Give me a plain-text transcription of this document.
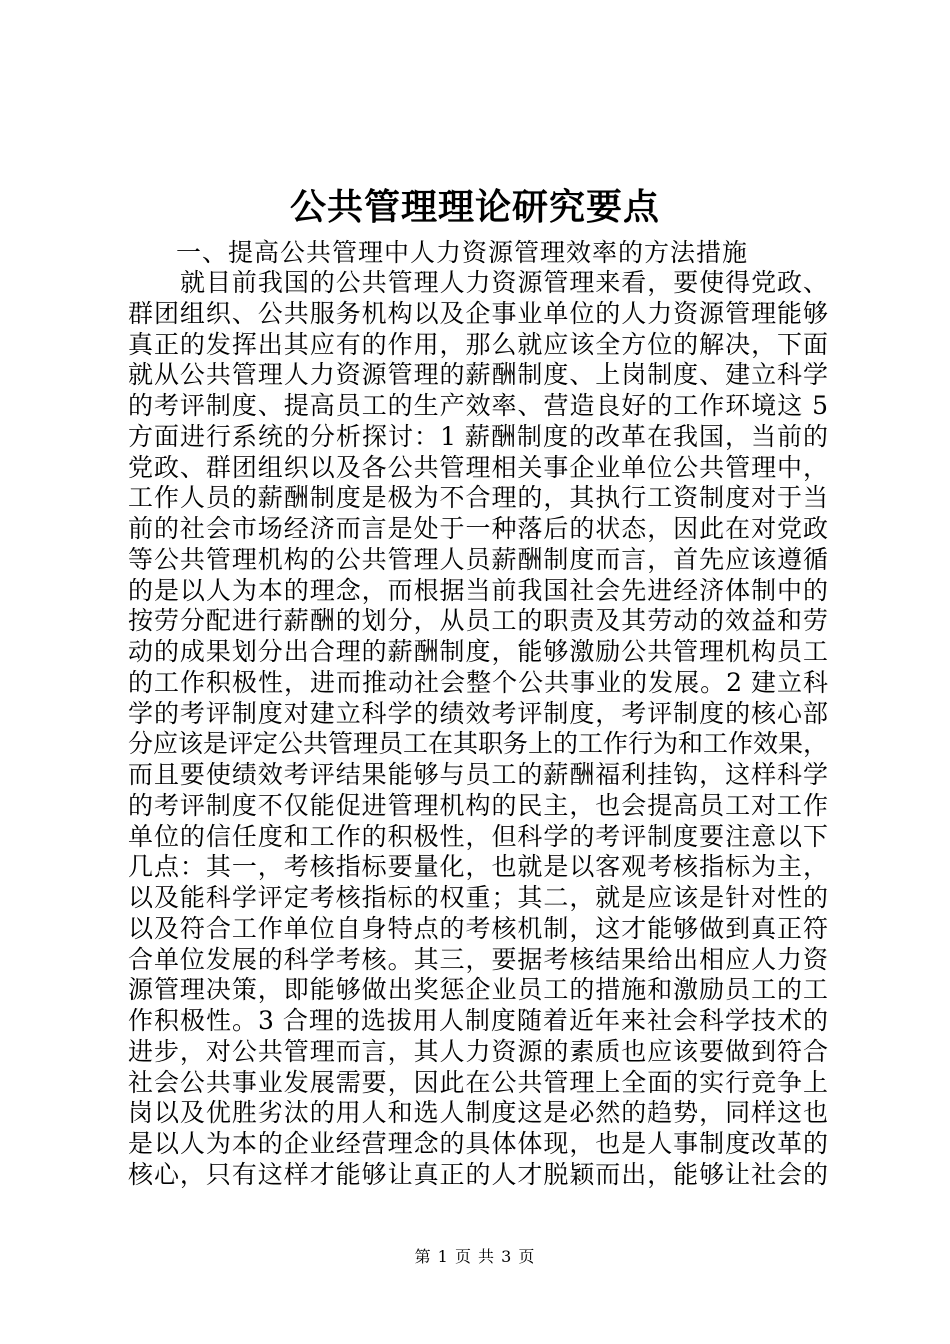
公共管理理论研究要点
一、提高公共管理中人力资源管理效率的方法措施
就目前我国的公共管理人力资源管理来看，要使得党政、
群团组织、公共服务机构以及企事业单位的人力资源管理能够
真正的发挥出其应有的作用，那么就应该全方位的解决，下面
就从公共管理人力资源管理的薪酬制度、上岗制度、建立科学
的考评制度、提高员工的生产效率、营造良好的工作环境这 5
方面进行系统的分析探讨：1 薪酬制度的改革在我国，当前的
党政、群团组织以及各公共管理相关事企业单位公共管理中，
工作人员的薪酬制度是极为不合理的，其执行工资制度对于当
前的社会市场经济而言是处于一种落后的状态，因此在对党政
等公共管理机构的公共管理人员薪酬制度而言，首先应该遵循
的是以人为本的理念，而根据当前我国社会先进经济体制中的
按劳分配进行薪酬的划分，从员工的职责及其劳动的效益和劳
动的成果划分出合理的薪酬制度，能够激励公共管理机构员工
的工作积极性，进而推动社会整个公共事业的发展。2 建立科
学的考评制度对建立科学的绩效考评制度，考评制度的核心部
分应该是评定公共管理员工在其职务上的工作行为和工作效果，
而且要使绩效考评结果能够与员工的薪酬福利挂钩，这样科学
的考评制度不仅能促进管理机构的民主，也会提高员工对工作
单位的信任度和工作的积极性，但科学的考评制度要注意以下
几点：其一，考核指标要量化，也就是以客观考核指标为主，
以及能科学评定考核指标的权重；其二，就是应该是针对性的
以及符合工作单位自身特点的考核机制，这才能够做到真正符
合单位发展的科学考核。其三，要据考核结果给出相应人力资
源管理决策，即能够做出奖惩企业员工的措施和激励员工的工
作积极性。3 合理的选拔用人制度随着近年来社会科学技术的
进步，对公共管理而言，其人力资源的素质也应该要做到符合
社会公共事业发展需要，因此在公共管理上全面的实行竞争上
岗以及优胜劣汰的用人和选人制度这是必然的趋势，同样这也
是以人为本的企业经营理念的具体体现，也是人事制度改革的
核心，只有这样才能够让真正的人才脱颖而出，能够让社会的
第 1 页 共 3 页
